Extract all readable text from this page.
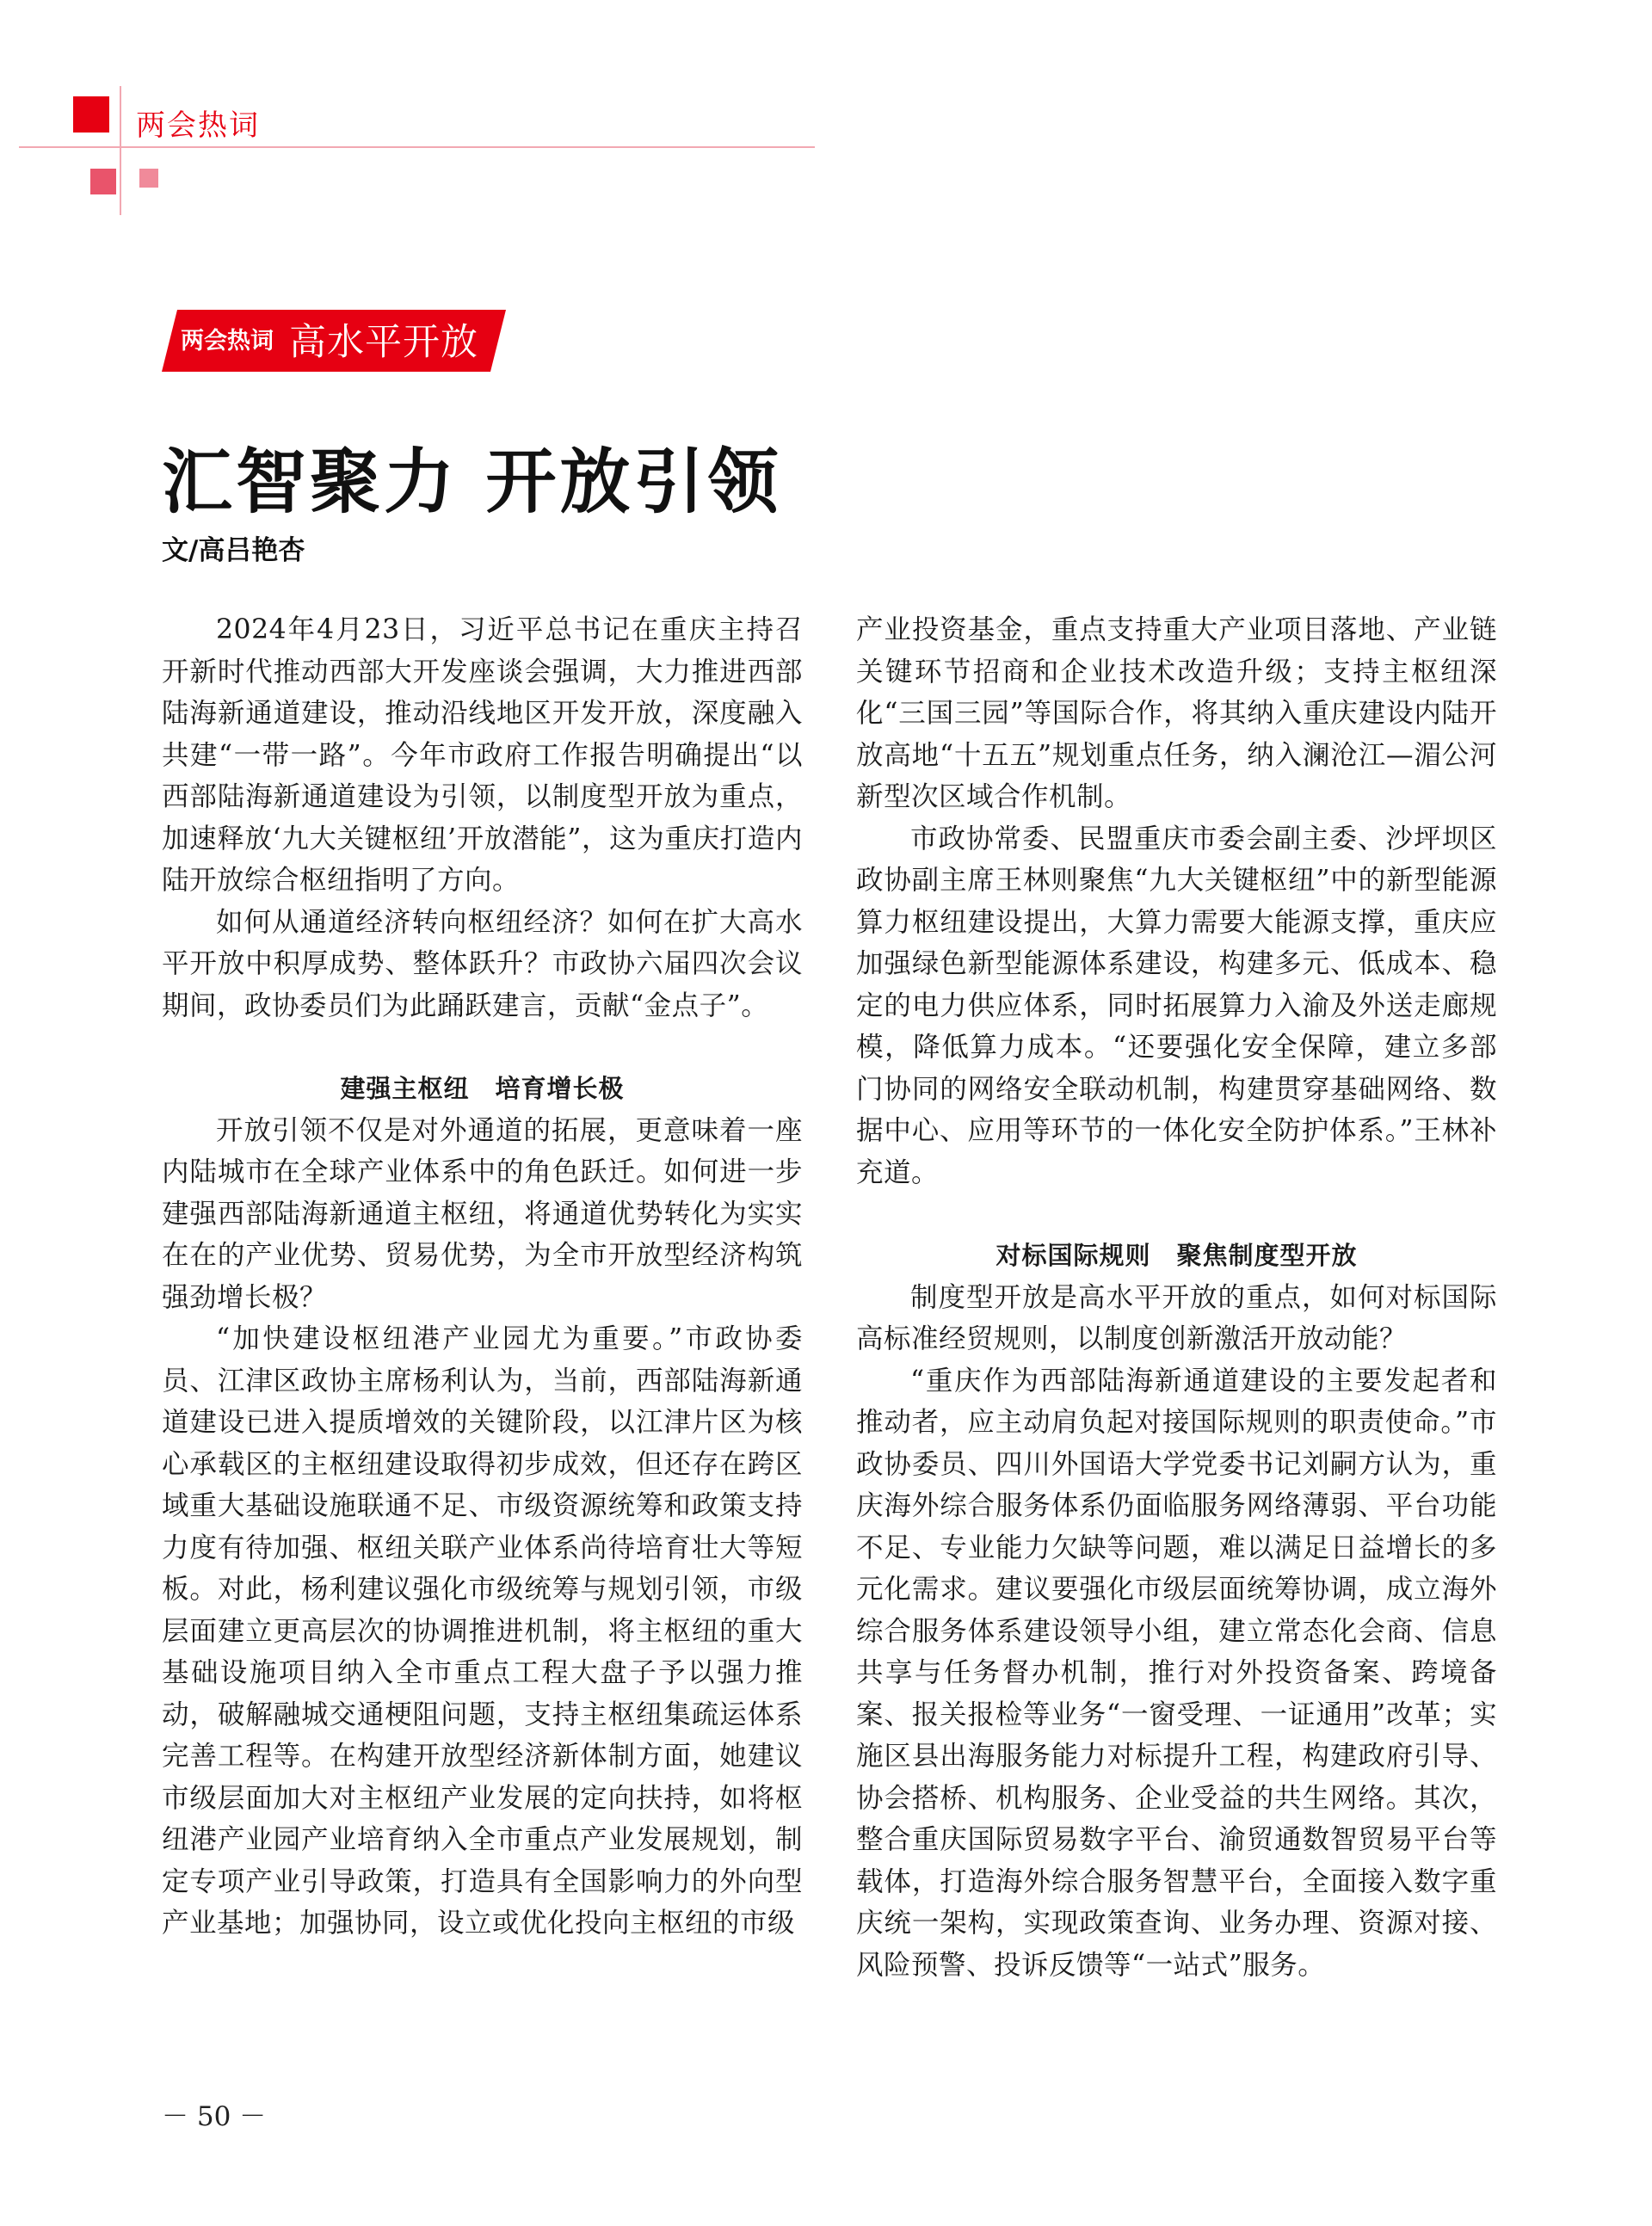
两会热词
两会热词 高水平开放
汇智聚力 开放引领
文/高吕艳杏

2024年4月23日，习近平总书记在重庆主持召开新时代推动西部大开发座谈会强调，大力推进西部陆海新通道建设，推动沿线地区开发开放，深度融入共建“一带一路”。今年市政府工作报告明确提出“以西部陆海新通道建设为引领，以制度型开放为重点，加速释放‘九大关键枢纽’开放潜能”，这为重庆打造内陆开放综合枢纽指明了方向。

如何从通道经济转向枢纽经济？如何在扩大高水平开放中积厚成势、整体跃升？市政协六届四次会议期间，政协委员们为此踊跃建言，贡献“金点子”。

建强主枢纽　培育增长极

开放引领不仅是对外通道的拓展，更意味着一座内陆城市在全球产业体系中的角色跃迁。如何进一步建强西部陆海新通道主枢纽，将通道优势转化为实实在在的产业优势、贸易优势，为全市开放型经济构筑强劲增长极？

“加快建设枢纽港产业园尤为重要。”市政协委员、江津区政协主席杨利认为，当前，西部陆海新通道建设已进入提质增效的关键阶段，以江津片区为核心承载区的主枢纽建设取得初步成效，但还存在跨区域重大基础设施联通不足、市级资源统筹和政策支持力度有待加强、枢纽关联产业体系尚待培育壮大等短板。对此，杨利建议强化市级统筹与规划引领，市级层面建立更高层次的协调推进机制，将主枢纽的重大基础设施项目纳入全市重点工程大盘子予以强力推动，破解融城交通梗阻问题，支持主枢纽集疏运体系完善工程等。在构建开放型经济新体制方面，她建议市级层面加大对主枢纽产业发展的定向扶持，如将枢纽港产业园产业培育纳入全市重点产业发展规划，制定专项产业引导政策，打造具有全国影响力的外向型产业基地；加强协同，设立或优化投向主枢纽的市级

产业投资基金，重点支持重大产业项目落地、产业链关键环节招商和企业技术改造升级；支持主枢纽深化“三国三园”等国际合作，将其纳入重庆建设内陆开放高地“十五五”规划重点任务，纳入澜沧江—湄公河新型次区域合作机制。

市政协常委、民盟重庆市委会副主委、沙坪坝区政协副主席王林则聚焦“九大关键枢纽”中的新型能源算力枢纽建设提出，大算力需要大能源支撑，重庆应加强绿色新型能源体系建设，构建多元、低成本、稳定的电力供应体系，同时拓展算力入渝及外送走廊规模，降低算力成本。“还要强化安全保障，建立多部门协同的网络安全联动机制，构建贯穿基础网络、数据中心、应用等环节的一体化安全防护体系。”王林补充道。

对标国际规则　聚焦制度型开放

制度型开放是高水平开放的重点，如何对标国际高标准经贸规则，以制度创新激活开放动能？

“重庆作为西部陆海新通道建设的主要发起者和推动者，应主动肩负起对接国际规则的职责使命。”市政协委员、四川外国语大学党委书记刘嗣方认为，重庆海外综合服务体系仍面临服务网络薄弱、平台功能不足、专业能力欠缺等问题，难以满足日益增长的多元化需求。建议要强化市级层面统筹协调，成立海外综合服务体系建设领导小组，建立常态化会商、信息共享与任务督办机制，推行对外投资备案、跨境备案、报关报检等业务“一窗受理、一证通用”改革；实施区县出海服务能力对标提升工程，构建政府引导、协会搭桥、机构服务、企业受益的共生网络。其次，整合重庆国际贸易数字平台、渝贸通数智贸易平台等载体，打造海外综合服务智慧平台，全面接入数字重庆统一架构，实现政策查询、业务办理、资源对接、风险预警、投诉反馈等“一站式”服务。

－ 50 －
